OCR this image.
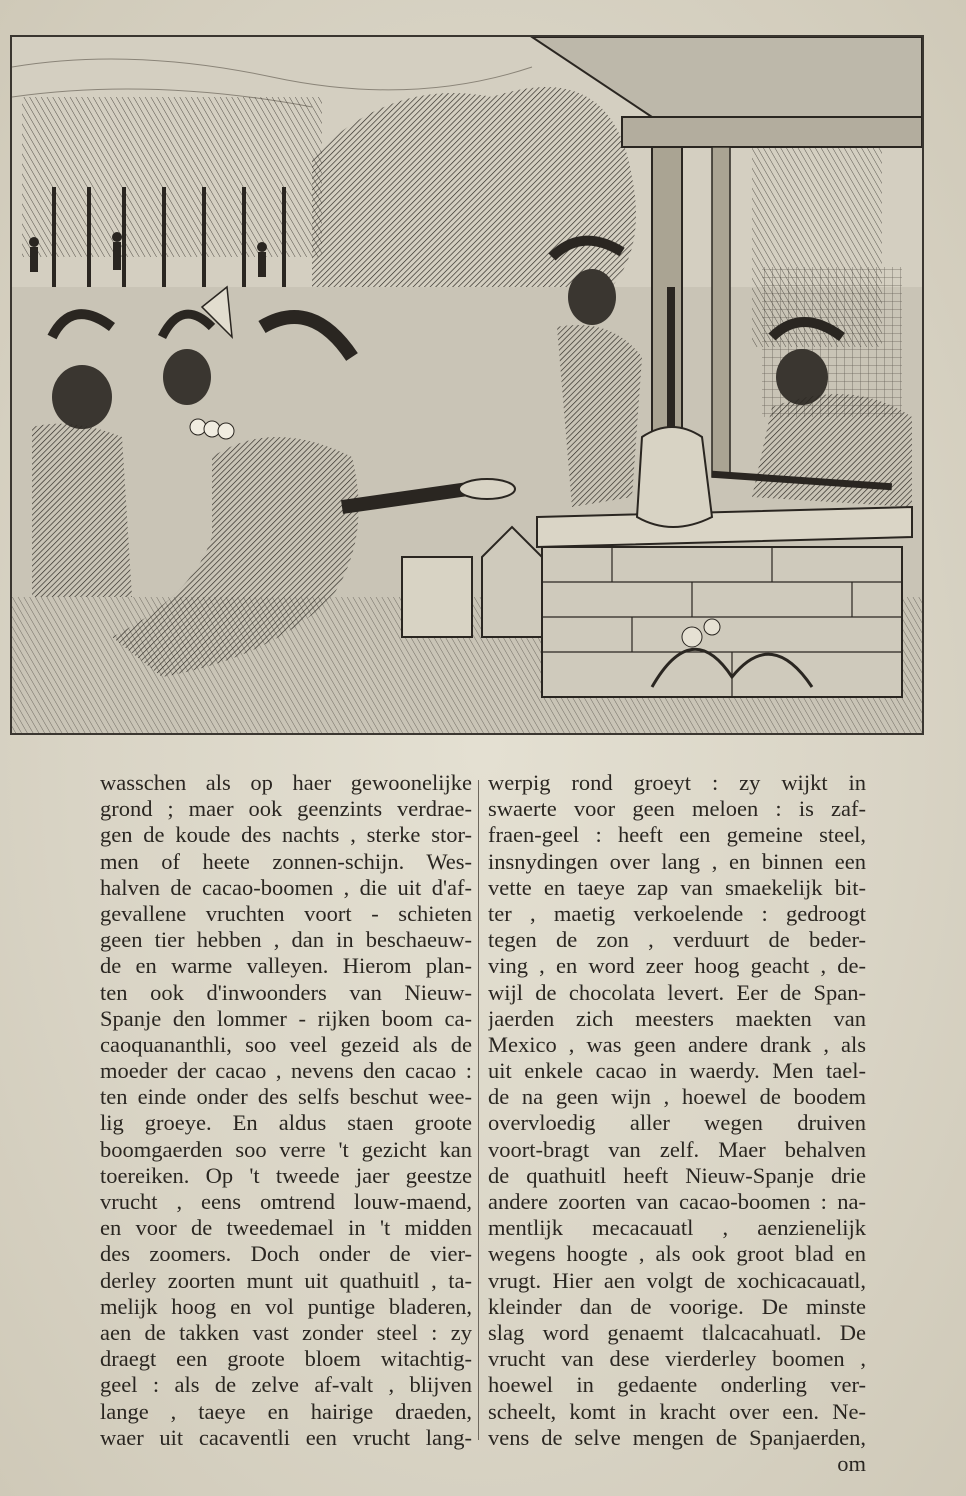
wasschen als op haer gewoonelijke
grond ; maer ook geenzints verdrae-
gen de koude des nachts , sterke stor-
men of heete zonnen-schijn. Wes-
halven de cacao-boomen , die uit d'af-
gevallene vruchten voort - schieten
geen tier hebben , dan in beschaeuw-
de en warme valleyen. Hierom plan-
ten ook d'inwoonders van Nieuw-
Spanje den lommer - rijken boom ca-
caoquananthli, soo veel gezeid als de
moeder der cacao , nevens den cacao :
ten einde onder des selfs beschut wee-
lig groeye. En aldus staen groote
boomgaerden soo verre 't gezicht kan
toereiken. Op 't tweede jaer geestze
vrucht , eens omtrend louw-maend,
en voor de tweedemael in 't midden
des zoomers. Doch onder de vier-
derley zoorten munt uit quathuitl , ta-
melijk hoog en vol puntige bladeren,
aen de takken vast zonder steel : zy
draegt een groote bloem witachtig-
geel : als de zelve af-valt , blijven
lange , taeye en hairige draeden,
waer uit cacaventli een vrucht lang-
werpig rond groeyt : zy wijkt in
swaerte voor geen meloen : is zaf-
fraen-geel : heeft een gemeine steel,
insnydingen over lang , en binnen een
vette en taeye zap van smaekelijk bit-
ter , maetig verkoelende : gedroogt
tegen de zon , verduurt de beder-
ving , en word zeer hoog geacht , de-
wijl de chocolata levert. Eer de Span-
jaerden zich meesters maekten van
Mexico , was geen andere drank , als
uit enkele cacao in waerdy. Men tael-
de na geen wijn , hoewel de boodem
overvloedig aller wegen druiven
voort-bragt van zelf. Maer behalven
de quathuitl heeft Nieuw-Spanje drie
andere zoorten van cacao-boomen : na-
mentlijk mecacauatl , aenzienelijk
wegens hoogte , als ook groot blad en
vrugt. Hier aen volgt de xochicacauatl,
kleinder dan de voorige. De minste
slag word genaemt tlalcacahuatl. De
vrucht van dese vierderley boomen ,
hoewel in gedaente onderling ver-
scheelt, komt in kracht over een. Ne-
vens de selve mengen de Spanjaerden,
om
